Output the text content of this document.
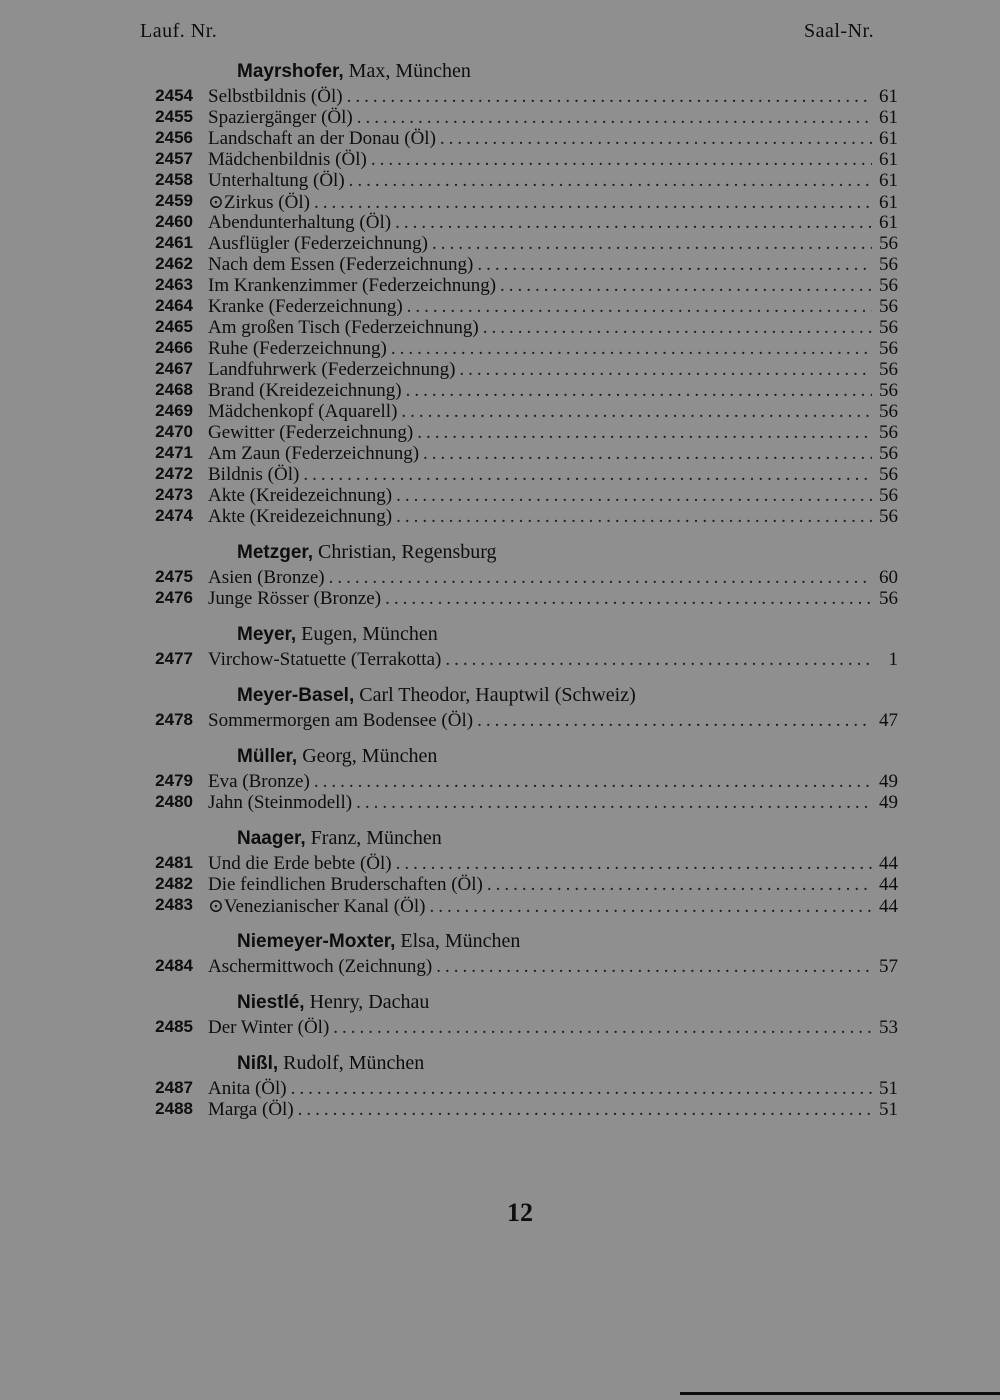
Lauf. Nr.	Saal-Nr.
Mayrshofer, Max, München
2454 Selbstbildnis (Öl) .....	61
2455 Spaziergänger (Öl) .....	61
2456 Landschaft an der Donau (Öl) .....	61
2457 Mädchenbildnis (Öl) .....	61
2458 Unterhaltung (Öl) .....	61
2459 ⊙Zirkus (Öl) .....	61
2460 Abendunterhaltung (Öl) .....	61
2461 Ausflügler (Federzeichnung) .....	56
2462 Nach dem Essen (Federzeichnung) .....	56
2463 Im Krankenzimmer (Federzeichnung) .....	56
2464 Kranke (Federzeichnung) .....	56
2465 Am großen Tisch (Federzeichnung) .....	56
2466 Ruhe (Federzeichnung) .....	56
2467 Landfuhrwerk (Federzeichnung) .....	56
2468 Brand (Kreidezeichnung) .....	56
2469 Mädchenkopf (Aquarell) .....	56
2470 Gewitter (Federzeichnung) .....	56
2471 Am Zaun (Federzeichnung) .....	56
2472 Bildnis (Öl) .....	56
2473 Akte (Kreidezeichnung) .....	56
2474 Akte (Kreidezeichnung) .....	56
Metzger, Christian, Regensburg
2475 Asien (Bronze) .....	60
2476 Junge Rösser (Bronze) .....	56
Meyer, Eugen, München
2477 Virchow-Statuette (Terrakotta) .....	1
Meyer-Basel, Carl Theodor, Hauptwil (Schweiz)
2478 Sommermorgen am Bodensee (Öl) .....	47
Müller, Georg, München
2479 Eva (Bronze) .....	49
2480 Jahn (Steinmodell) .....	49
Naager, Franz, München
2481 Und die Erde bebte (Öl) .....	44
2482 Die feindlichen Bruderschaften (Öl) .....	44
2483 ⊙Venezianischer Kanal (Öl) .....	44
Niemeyer-Moxter, Elsa, München
2484 Aschermittwoch (Zeichnung) .....	57
Niestlé, Henry, Dachau
2485 Der Winter (Öl) .....	53
Nißl, Rudolf, München
2487 Anita (Öl) .....	51
2488 Marga (Öl) .....	51
12
